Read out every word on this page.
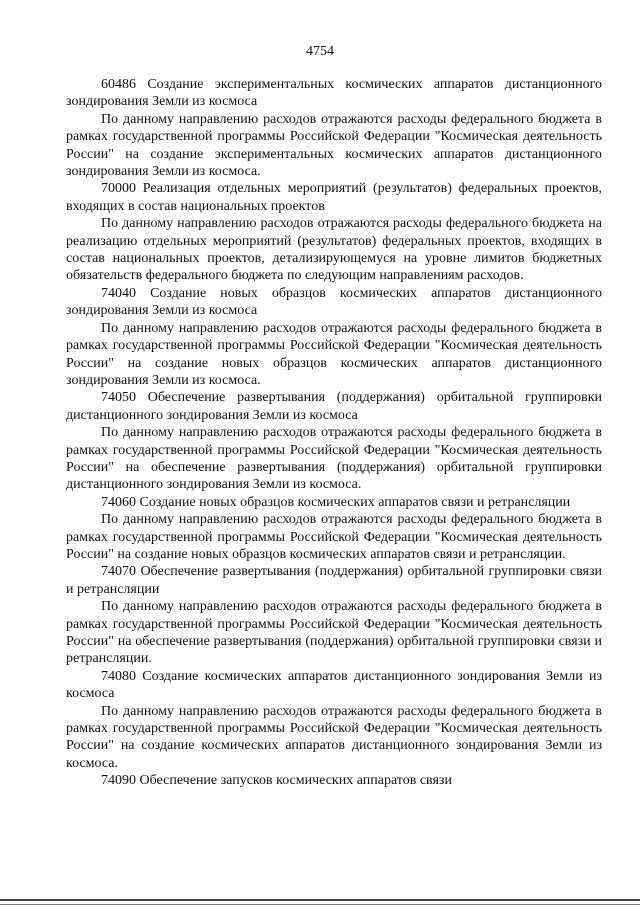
4754

60486 Создание экспериментальных космических аппаратов дистанционного зондирования Земли из космоса

По данному направлению расходов отражаются расходы федерального бюджета в рамках государственной программы Российской Федерации "Космическая деятельность России" на создание экспериментальных космических аппаратов дистанционного зондирования Земли из космоса.

70000 Реализация отдельных мероприятий (результатов) федеральных проектов, входящих в состав национальных проектов

По данному направлению расходов отражаются расходы федерального бюджета на реализацию отдельных мероприятий (результатов) федеральных проектов, входящих в состав национальных проектов, детализирующемуся на уровне лимитов бюджетных обязательств федерального бюджета по следующим направлениям расходов.

74040 Создание новых образцов космических аппаратов дистанционного зондирования Земли из космоса

По данному направлению расходов отражаются расходы федерального бюджета в рамках государственной программы Российской Федерации "Космическая деятельность России" на создание новых образцов космических аппаратов дистанционного зондирования Земли из космоса.

74050 Обеспечение развертывания (поддержания) орбитальной группировки дистанционного зондирования Земли из космоса

По данному направлению расходов отражаются расходы федерального бюджета в рамках государственной программы Российской Федерации "Космическая деятельность России" на обеспечение развертывания (поддержания) орбитальной группировки дистанционного зондирования Земли из космоса.

74060 Создание новых образцов космических аппаратов связи и ретрансляции

По данному направлению расходов отражаются расходы федерального бюджета в рамках государственной программы Российской Федерации "Космическая деятельность России" на создание новых образцов космических аппаратов связи и ретрансляции.

74070 Обеспечение развертывания (поддержания) орбитальной группировки связи и ретрансляции

По данному направлению расходов отражаются расходы федерального бюджета в рамках государственной программы Российской Федерации "Космическая деятельность России" на обеспечение развертывания (поддержания) орбитальной группировки связи и ретрансляции.

74080 Создание космических аппаратов дистанционного зондирования Земли из космоса

По данному направлению расходов отражаются расходы федерального бюджета в рамках государственной программы Российской Федерации "Космическая деятельность России" на создание космических аппаратов дистанционного зондирования Земли из космоса.

74090 Обеспечение запусков космических аппаратов связи
